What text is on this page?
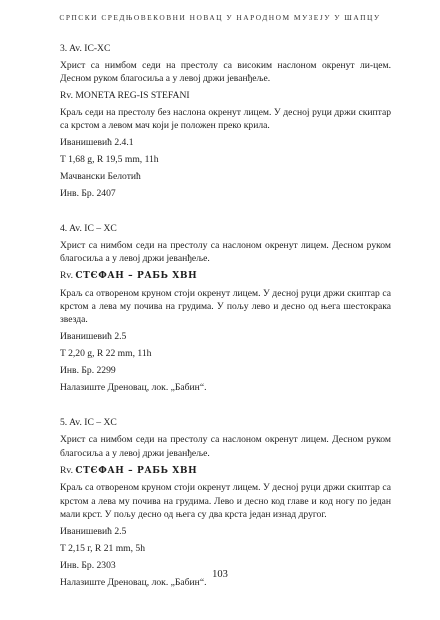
СРПСКИ СРЕДЊОВЕКОВНИ НОВАЦ У НАРОДНОМ МУЗЕЈУ У ШАПЦУ

3. Av. IC-XC

Христ са нимбом седи на престолу са високим наслоном окренут ли-цем. Десном руком благосиља а у левој држи јеванђеље.

Rv. MONETA REG-IS STEFANI

Краљ седи на престолу без наслона окренут лицем. У десној руци држи скиптар са крстом а левом мач који је положен преко крила.

Иванишевић 2.4.1

T 1,68 g, R 19,5 mm, 11h

Мачвански Белотић

Инв. Бр. 2407

4. Av. IC – XC

Христ са нимбом седи на престолу са наслоном окренут лицем. Десном руком благосиља а у левој држи јеванђеље.

Rv. СТЄФАН – РАБЬ ХВН

Краљ са отвореном круном стоји окренут лицем. У десној руци држи скиптар са крстом а лева му почива на грудима. У пољу лево и десно од њега шестокрака звезда.

Иванишевић 2.5

T 2,20 g, R 22 mm, 11h

Инв. Бр. 2299

Налазиште Дреновац, лок. „Бабин“.

5. Av. IC – XC

Христ са нимбом седи на престолу са наслоном окренут лицем. Десном руком благосиља а у левој држи јеванђеље.

Rv. СТЄФАН – РАБЬ ХВН

Краљ са отвореном круном стоји окренут лицем. У десној руци држи скиптар са крстом а лева му почива на грудима. Лево и десно код главе и код ногу по један мали крст. У пољу десно од њега су два крста један изнад другог.

Иванишевић 2.5

T 2,15 г, R 21 mm, 5h

Инв. Бр. 2303

Налазиште Дреновац, лок. „Бабин“.

103
